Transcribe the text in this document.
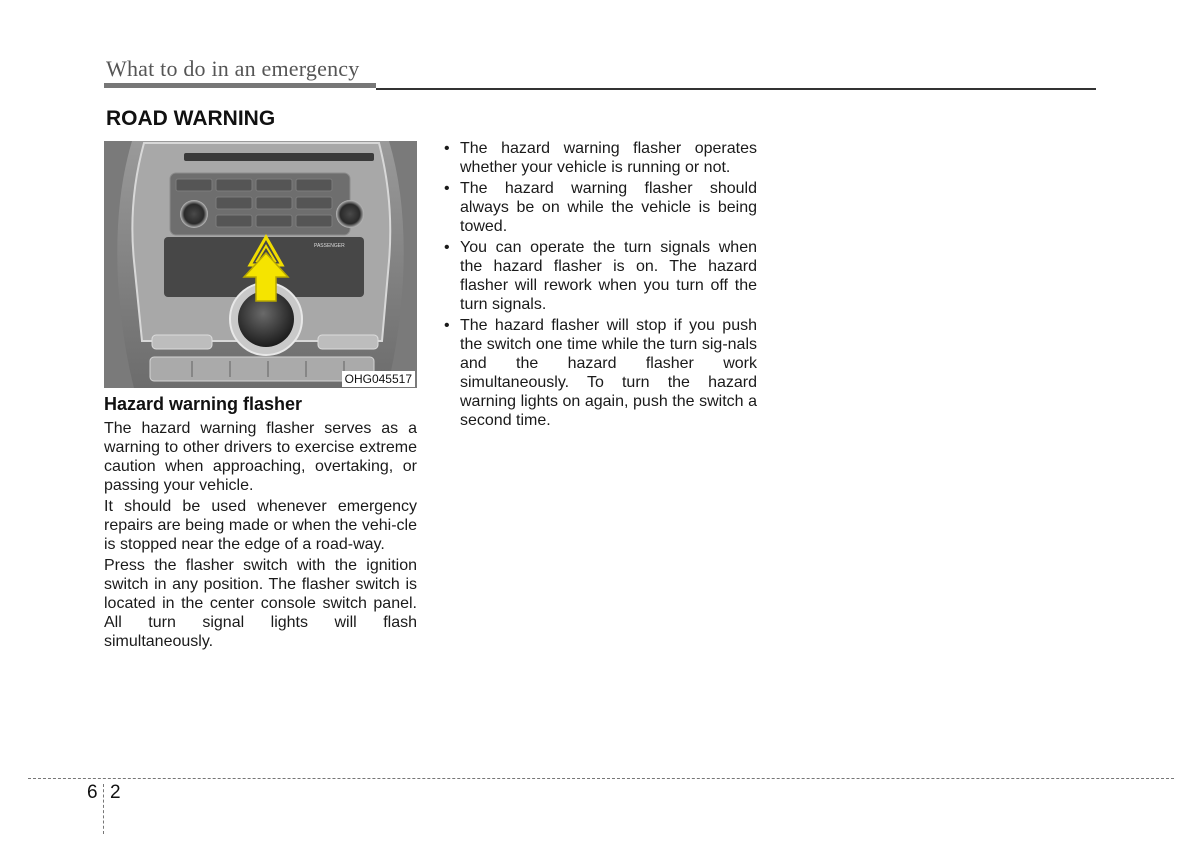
What to do in an emergency
ROAD WARNING
PASSENGER
OHG045517
Hazard warning flasher

The hazard warning flasher serves as a warning to other drivers to exercise extreme caution when approaching, overtaking, or passing your vehicle.

It should be used whenever emergency repairs are being made or when the vehi-cle is stopped near the edge of a road-way.

Press the flasher switch with the ignition switch in any position. The flasher switch is located in the center console switch panel. All turn signal lights will flash simultaneously.

• The hazard warning flasher operates whether your vehicle is running or not.
• The hazard warning flasher should always be on while the vehicle is being towed.
• You can operate the turn signals when the hazard flasher is on. The hazard flasher will rework when you turn off the turn signals.
• The hazard flasher will stop if you push the switch one time while the turn sig-nals and the hazard flasher work simultaneously. To turn the hazard warning lights on again, push the switch a second time.
6 2
